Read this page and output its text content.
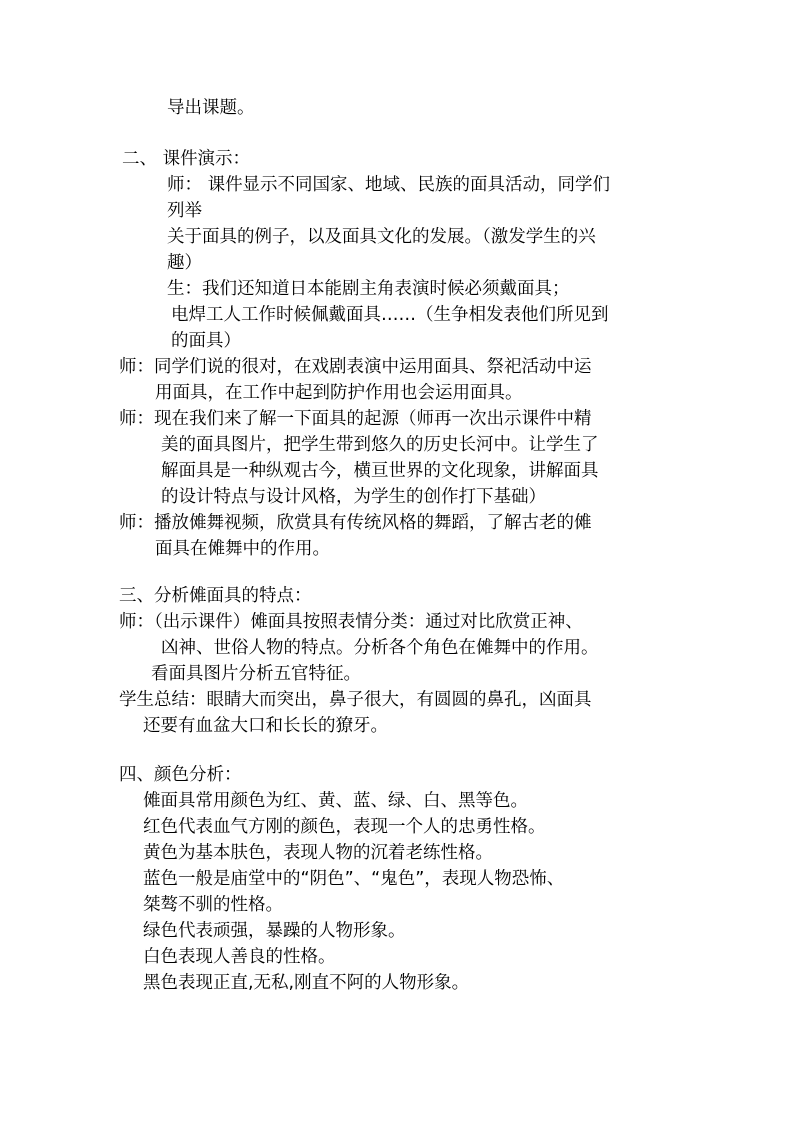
导出课题。
二、 课件演示：
师： 课件显示不同国家、地域、民族的面具活动，同学们
列举
关于面具的例子，以及面具文化的发展。（激发学生的兴
趣）
生：我们还知道日本能剧主角表演时候必须戴面具；
电焊工人工作时候佩戴面具……（生争相发表他们所见到
的面具）
师：同学们说的很对，在戏剧表演中运用面具、祭祀活动中运
用面具，在工作中起到防护作用也会运用面具。
师：现在我们来了解一下面具的起源（师再一次出示课件中精
美的面具图片，把学生带到悠久的历史长河中。让学生了
解面具是一种纵观古今，横亘世界的文化现象，讲解面具
的设计特点与设计风格，为学生的创作打下基础）
师：播放傩舞视频，欣赏具有传统风格的舞蹈，了解古老的傩
面具在傩舞中的作用。
三、分析傩面具的特点：
师：（出示课件）傩面具按照表情分类：通过对比欣赏正神、
凶神、世俗人物的特点。分析各个角色在傩舞中的作用。
看面具图片分析五官特征。
学生总结：眼睛大而突出，鼻子很大，有圆圆的鼻孔，凶面具
还要有血盆大口和长长的獠牙。
四、颜色分析：
傩面具常用颜色为红、黄、蓝、绿、白、黑等色。
红色代表血气方刚的颜色，表现一个人的忠勇性格。
黄色为基本肤色，表现人物的沉着老练性格。
蓝色一般是庙堂中的“阴色”、“鬼色”，表现人物恐怖、
桀骜不驯的性格。
绿色代表顽强，暴躁的人物形象。
白色表现人善良的性格。
黑色表现正直,无私,刚直不阿的人物形象。
